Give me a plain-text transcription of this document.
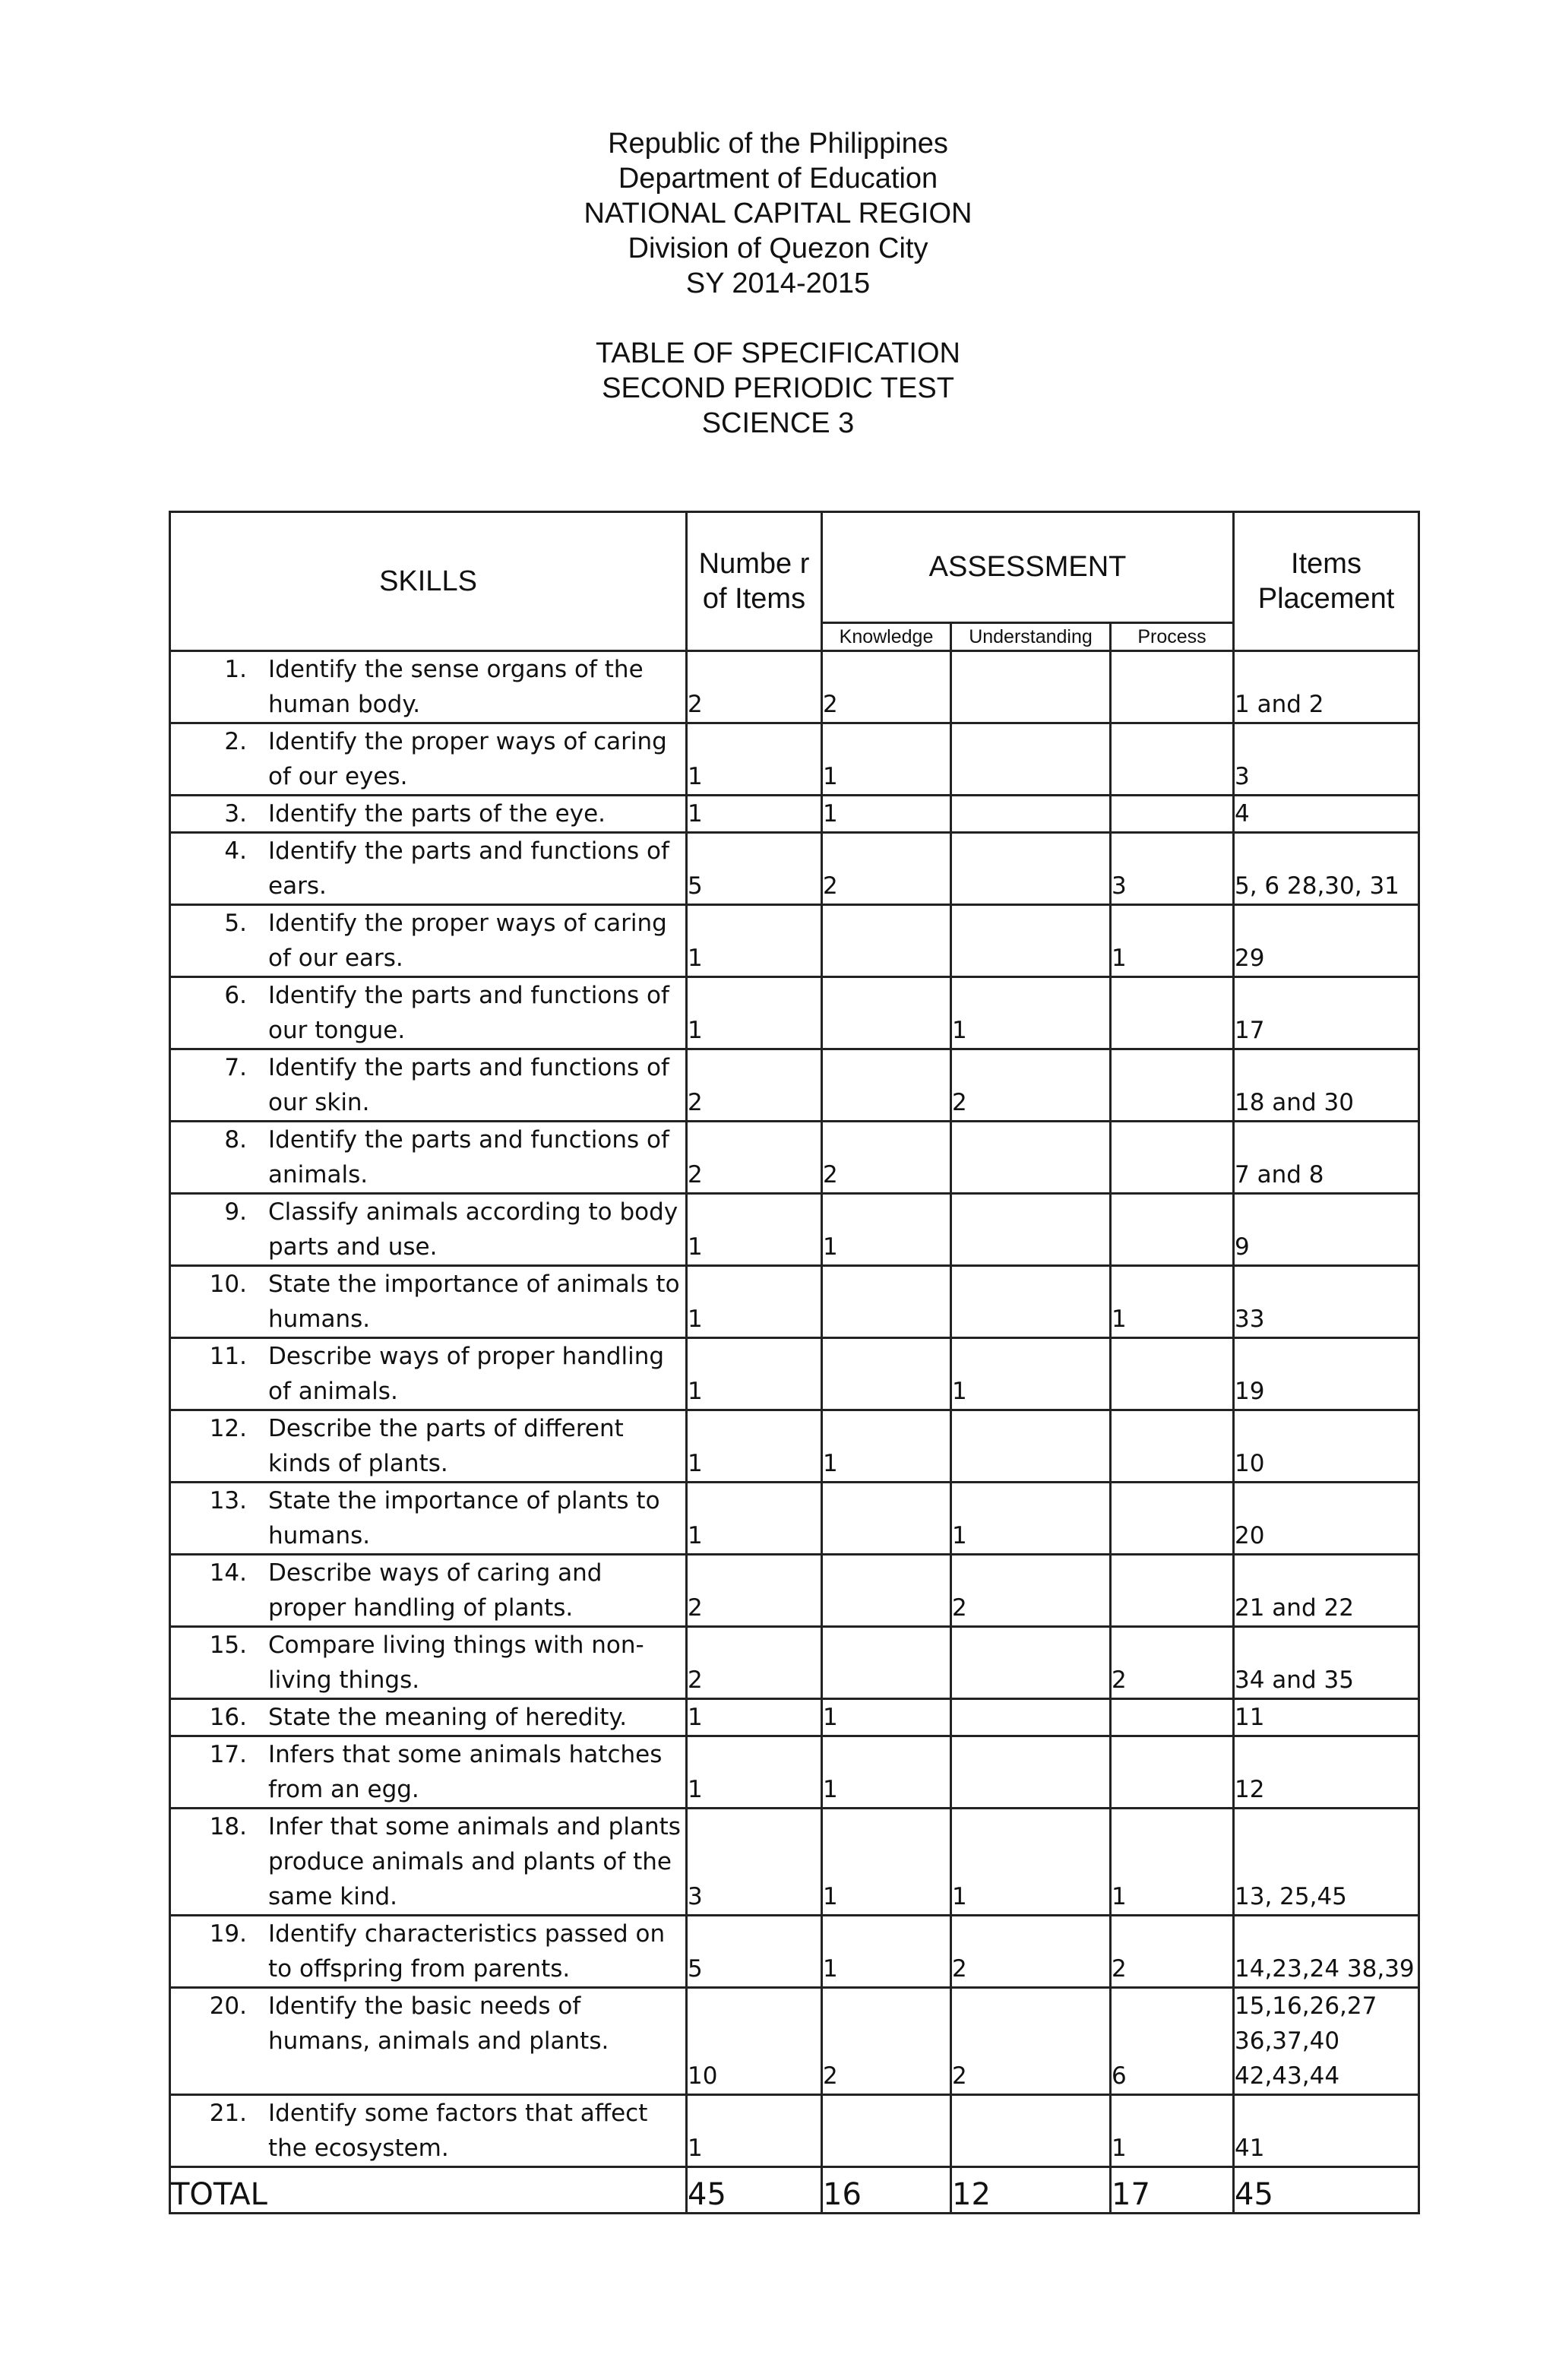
Republic of the Philippines
Department of Education
NATIONAL CAPITAL REGION
Division of Quezon City
SY 2014-2015
TABLE OF SPECIFICATION
SECOND PERIODIC TEST
SCIENCE 3
SKILLS	Numbe r of Items	ASSESSMENT			Items Placement
		Knowledge	Understanding	Process	

1. Identify the sense organs of the human body.	2	2			1 and 2

2. Identify the proper ways of caring of our eyes.	1	1			3

3. Identify the parts of the eye.	1	1			4

4. Identify the parts and functions of ears.	5	2		3	5, 6 28,30, 31

5. Identify the proper ways of caring of our ears.	1			1	29

6. Identify the parts and functions of our tongue.	1		1		17

7. Identify the parts and functions of our skin.	2		2		18 and 30

8. Identify the parts and functions of animals.	2	2			7 and 8

9. Classify animals according to body parts and use.	1	1			9

10. State the importance of animals to humans.	1			1	33

11. Describe ways of proper handling of animals.	1		1		19

12. Describe the parts of different kinds of plants.	1	1			10

13. State the importance of plants to humans.	1		1		20

14. Describe ways of caring and proper handling of plants.	2		2		21 and 22

15. Compare living things with non-living things.	2			2	34 and 35

16. State the meaning of heredity.	1	1			11

17. Infers that some animals hatches from an egg.	1	1			12

18. Infer that some animals and plants produce animals and plants of the same kind.	3	1	1	1	13, 25,45

19. Identify characteristics passed on to offspring from parents.	5	1	2	2	14,23,24 38,39

20. Identify the basic needs of humans, animals and plants.	10	2	2	6	15,16,26,27 36,37,40 42,43,44

21. Identify some factors that affect the ecosystem.	1			1	41
TOTAL	45	16	12	17	45
